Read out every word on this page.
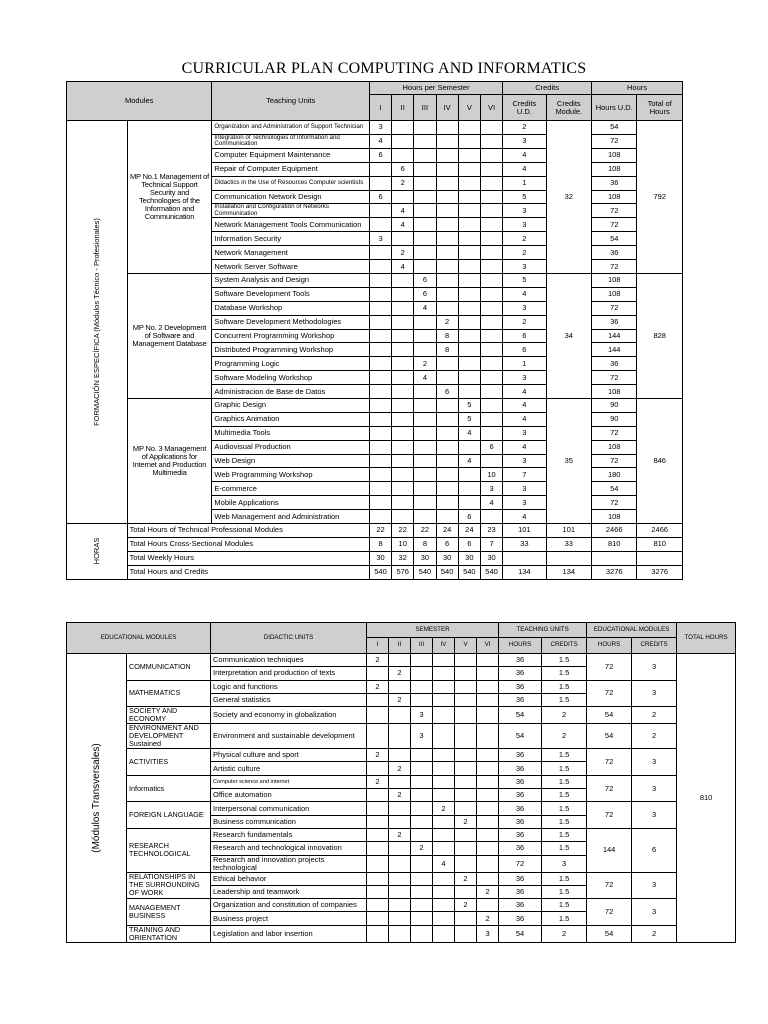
CURRICULAR PLAN COMPUTING AND INFORMATICS
Modules		Teaching Units	Hours per Semester						Credits		Hours	
			I	II	III	IV	V	VI	Credits U.D.	Credits Module.	Hours U.D.	Total of Hours

FORMACIÓN ESPECÍFICA (Módulos Técnico - Profesionales)	MP No.1 Management of Technical Support Security and Technologies of the Information and Communication	Organization and Administration of Support Technician	3						2	32	54	792
		Integration of Technologies of Information and Communication	4						3		72	
		Computer Equipment Maintenance	6						4		108	
		Repair of Computer Equipment		6					4		108	
		Didactics in the Use of Resources Computer scientists		2					1		36	
		Communication Network Design	6						5		108	
		Installation and Configuration of Networks Communication		4					3		72	
		Network Management Tools Communication		4					3		72	
		Information Security	3						2		54	
		Network Management		2					2		36	
		Network Server Software		4					3		72	
	MP No. 2 Development of Software and Management Database	System Analysis and Design			6				5	34	108	828
		Software Development Tools			6				4		108	
		Database Workshop			4				3		72	
		Software Development Methodologies				2			2		36	
		Concurrent Programming Workshop				8			6		144	
		Distributed Programming Workshop				8			6		144	
		Programming Logic			2				1		36	
		Software Modeling Workshop			4				3		72	
		Administracion de Base de Datos				6			4		108	
	MP No. 3 Management of Applications for Internet and Production Multimedia	Graphic Design					5		4	35	90	846
		Graphics Animation					5		4		90	
		Multimedia Tools					4		3		72	
		Audiovisual Production						6	4		108	
		Web Design					4		3		72	
		Web Programming Workshop						10	7		180	
		E-commerce						3	3		54	
		Mobile Applications						4	3		72	
		Web Management and Administration					6		4		108	

HORAS	Total Hours of Technical Professional Modules		22	22	22	24	24	23	101	101	2466	2466
	Total Hours Cross-Sectional Modules		8	10	8	6	6	7	33	33	810	810
	Total Weekly Hours		30	32	30	30	30	30				
	Total Hours and Credits		540	576	540	540	540	540	134	134	3276	3276
EDUCATIONAL MODULES		DIDACTIC UNITS	SEMESTER						TEACHING UNITS		EDUCATIONAL MODULES		TOTAL HOURS
			I	II	III	IV	V	VI	HOURS	CREDITS	HOURS	CREDITS	

(Módulos Transversales)	COMMUNICATION	Communication techniques	2						36	1.5	72	3	810
		Interpretation and production of texts		2					36	1.5			
	MATHEMATICS	Logic and functions	2						36	1.5	72	3	
		General statistics		2					36	1.5			
	SOCIETY AND ECONOMY	Society and economy in globalization			3				54	2	54	2	
	ENVIRONMENT AND DEVELOPMENT Sustained	Environment and sustainable development			3				54	2	54	2	
	ACTIVITIES	Physical culture and sport	2						36	1.5	72	3	
		Artistic culture		2					36	1.5			
	Informatics	Computer science and internet	2						36	1.5	72	3	
		Office automation		2					36	1.5			
	FOREIGN LANGUAGE	Interpersonal communication				2			36	1.5	72	3	
		Business communication					2		36	1.5			
	RESEARCH TECHNOLOGICAL	Research fundamentals		2					36	1.5	144	6	
		Research and technological innovation			2				36	1.5			
		Research and innovation projects technological				4			72	3			
	RELATIONSHIPS IN THE SURROUNDING OF WORK	Ethical behavior					2		36	1.5	72	3	
		Leadership and teamwork						2	36	1.5			
	MANAGEMENT BUSINESS	Organization and constitution of companies					2		36	1.5	72	3	
		Business project						2	36	1.5			
	TRAINING AND ORIENTATION	Legislation and labor insertion						3	54	2	54	2	
